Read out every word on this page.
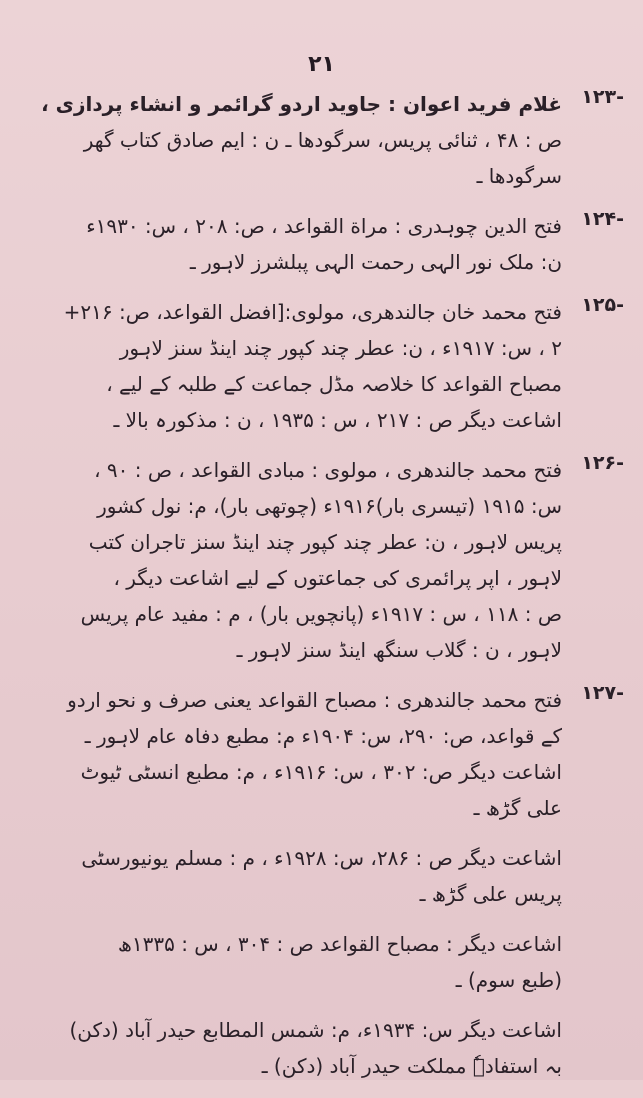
۲۱
۱۲۳-
غلام فرید اعوان : جاوید اردو گرائمر و انشاء پردازی ،
ص : ۴۸ ، ثنائی پریس، سرگودھا ـ ن : ایم صادق کتاب گھر
سرگودھا ـ
۱۲۴-
فتح الدین چوہدری : مراة القواعد ، ص: ۲۰۸ ، س: ۱۹۳۰ء
ن: ملک نور الہی رحمت الہی پبلشرز لاہور ـ
۱۲۵-
فتح محمد خان جالندھری، مولوی:[افضل القواعد، ص: ۲۱۶+
۲ ، س: ۱۹۱۷ء ، ن: عطر چند کپور چند اینڈ سنز لاہور
مصباح القواعد کا خلاصہ مڈل جماعت کے طلبہ کے لیے ،
اشاعت دیگر ص : ۲۱۷ ، س : ۱۹۳۵ ، ن : مذکورہ بالا ـ
۱۲۶-
فتح محمد جالندھری ، مولوی : مبادی القواعد ، ص : ۹۰ ،
س: ۱۹۱۵ (تیسری بار)۱۹۱۶ء (چوتھی بار)، م: نول کشور
پریس لاہور ، ن: عطر چند کپور چند اینڈ سنز تاجران کتب
لاہور ، اپر پرائمری کی جماعتوں کے لیے اشاعت دیگر ،
ص : ۱۱۸ ، س : ۱۹۱۷ء (پانچویں بار) ، م : مفید عام پریس
لاہور ، ن : گلاب سنگھ اینڈ سنز لاہور ـ
۱۲۷-
فتح محمد جالندھری : مصباح القواعد یعنی صرف و نحو اردو
کے قواعد، ص: ۲۹۰، س: ۱۹۰۴ء م: مطبع دفاہ عام لاہور ـ
اشاعت دیگر ص: ۳۰۲ ، س: ۱۹۱۶ء ، م: مطبع انسٹی ٹیوٹ
علی گڑھ ـ
اشاعت دیگر ص : ۲۸۶، س: ۱۹۲۸ء ، م : مسلم یونیورسٹی
پریس علی گڑھ ـ
اشاعت دیگر : مصباح القواعد ص : ۳۰۴ ، س : ۱۳۳۵ھ
(طبع سوم) ـ
اشاعت دیگر س: ۱۹۳۴ء، م: شمس المطابع حیدر آباد (دکن)
بہ استفادہٗ مملکت حیدر آباد (دکن) ـ
